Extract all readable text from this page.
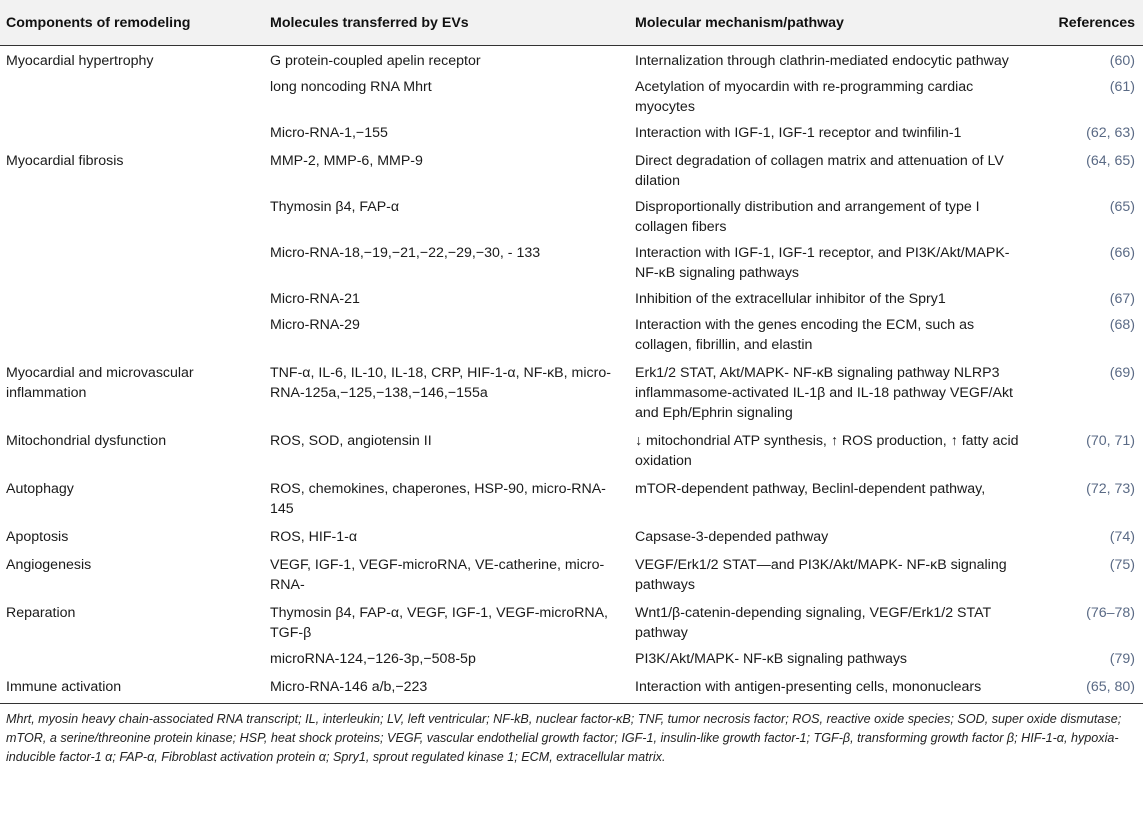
Components of remodeling	Molecules transferred by EVs	Molecular mechanism/pathway	References
Myocardial hypertrophy	G protein-coupled apelin receptor	Internalization through clathrin-mediated endocytic pathway	(60)
	long noncoding RNA Mhrt	Acetylation of myocardin with re-programming cardiac myocytes	(61)
	Micro-RNA-1,−155	Interaction with IGF-1, IGF-1 receptor and twinfilin-1	(62, 63)
Myocardial fibrosis	MMP-2, MMP-6, MMP-9	Direct degradation of collagen matrix and attenuation of LV dilation	(64, 65)
	Thymosin β4, FAP-α	Disproportionally distribution and arrangement of type I collagen fibers	(65)
	Micro-RNA-18,−19,−21,−22,−29,−30, - 133	Interaction with IGF-1, IGF-1 receptor, and PI3K/Akt/MAPK- NF-κB signaling pathways	(66)
	Micro-RNA-21	Inhibition of the extracellular inhibitor of the Spry1	(67)
	Micro-RNA-29	Interaction with the genes encoding the ECM, such as collagen, fibrillin, and elastin	(68)
Myocardial and microvascular inflammation	TNF-α, IL-6, IL-10, IL-18, CRP, HIF-1-α, NF-κB, micro-RNA-125a,−125,−138,−146,−155a	Erk1/2 STAT, Akt/MAPK- NF-κB signaling pathway NLRP3 inflammasome-activated IL-1β and IL-18 pathway VEGF/Akt and Eph/Ephrin signaling	(69)
Mitochondrial dysfunction	ROS, SOD, angiotensin II	↓ mitochondrial ATP synthesis, ↑ ROS production, ↑ fatty acid oxidation	(70, 71)
Autophagy	ROS, chemokines, chaperones, HSP-90, micro-RNA-145	mTOR-dependent pathway, Beclinl-dependent pathway,	(72, 73)
Apoptosis	ROS, HIF-1-α	Capsase-3-depended pathway	(74)
Angiogenesis	VEGF, IGF-1, VEGF-microRNA, VE-catherine, micro-RNA-	VEGF/Erk1/2 STAT—and PI3K/Akt/MAPK- NF-κB signaling pathways	(75)
Reparation	Thymosin β4, FAP-α, VEGF, IGF-1, VEGF-microRNA, TGF-β	Wnt1/β-catenin-depending signaling, VEGF/Erk1/2 STAT pathway	(76–78)
	microRNA-124,−126-3p,−508-5p	PI3K/Akt/MAPK- NF-κB signaling pathways	(79)
Immune activation	Micro-RNA-146 a/b,−223	Interaction with antigen-presenting cells, mononuclears	(65, 80)
Mhrt, myosin heavy chain-associated RNA transcript; IL, interleukin; LV, left ventricular; NF-kB, nuclear factor-κB; TNF, tumor necrosis factor; ROS, reactive oxide species; SOD, super oxide dismutase; mTOR, a serine/threonine protein kinase; HSP, heat shock proteins; VEGF, vascular endothelial growth factor; IGF-1, insulin-like growth factor-1; TGF-β, transforming growth factor β; HIF-1-α, hypoxia-inducible factor-1 α; FAP-α, Fibroblast activation protein α; Spry1, sprout regulated kinase 1; ECM, extracellular matrix.
